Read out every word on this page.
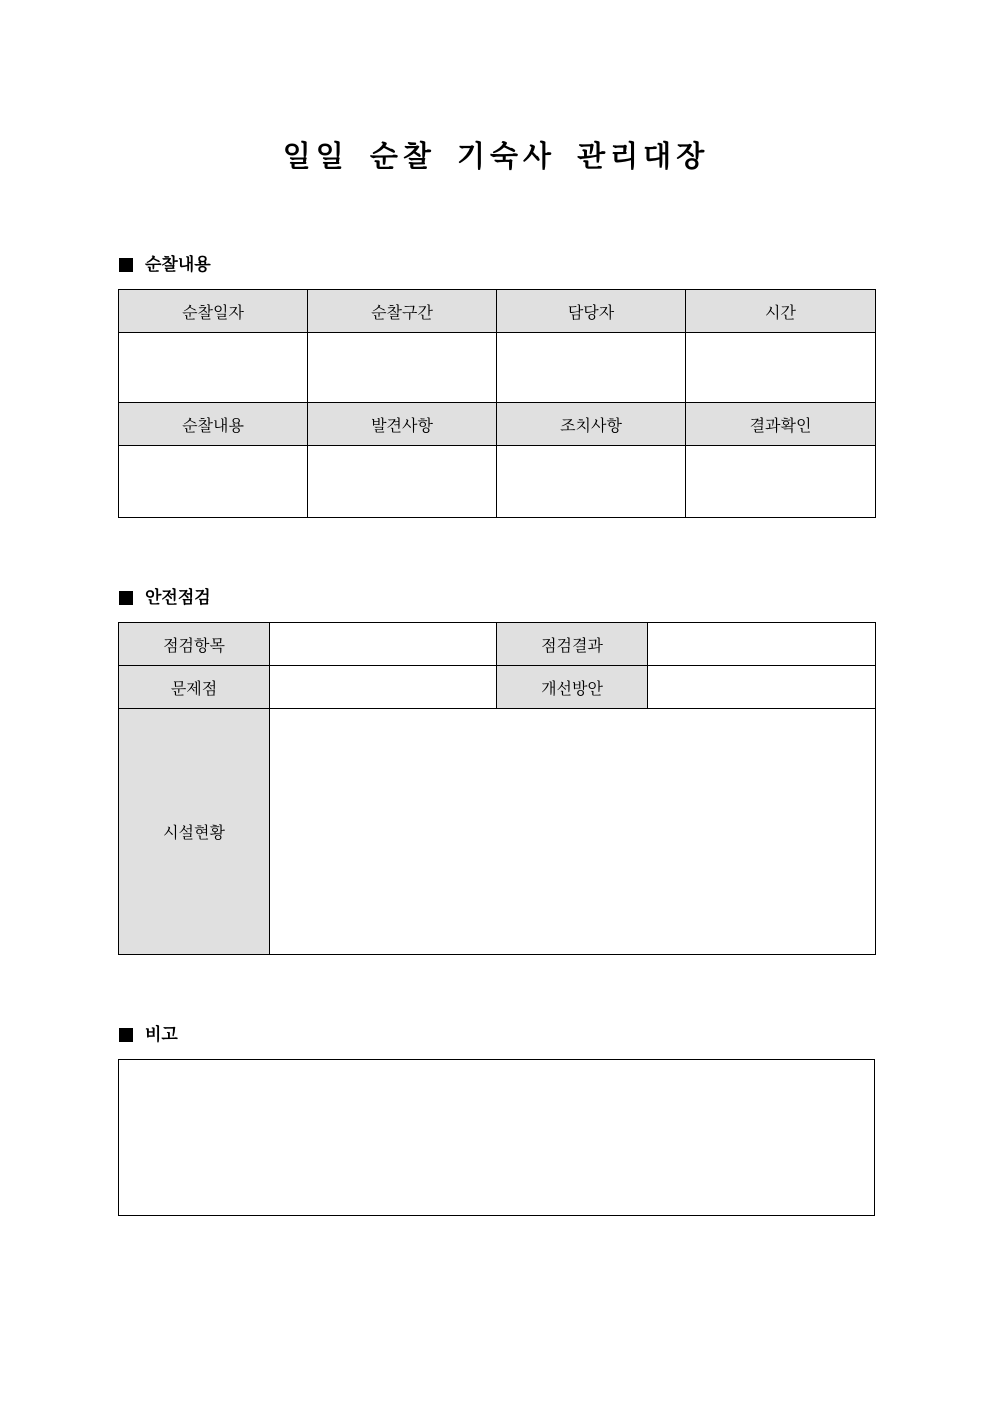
일일 순찰 기숙사 관리대장
순찰내용
순찰일자	순찰구간	담당자	시간

순찰내용	발견사항	조치사항	결과확인

안전점검
점검항목		점검결과	
문제점		개선방안	
시설현황			
비고
